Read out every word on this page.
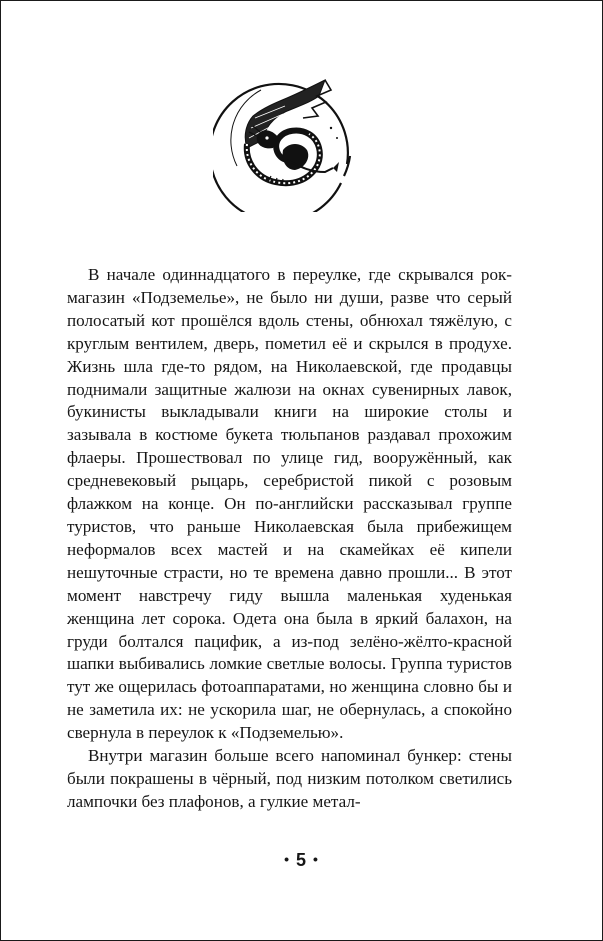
В начале одиннадцатого в переулке, где скрывался рок-магазин «Подземелье», не было ни души, разве что серый полосатый кот прошёлся вдоль стены, обнюхал тяжёлую, с круглым вентилем, дверь, пометил её и скрылся в продухе. Жизнь шла где-то рядом, на Николаевской, где продавцы поднимали защитные жалюзи на окнах сувенирных лавок, букинисты выкладывали книги на широкие столы и зазывала в костюме букета тюльпанов раздавал прохожим флаеры. Прошествовал по улице гид, вооружённый, как средневековый рыцарь, серебристой пикой с розовым флажком на конце. Он по-английски рассказывал группе туристов, что раньше Николаевская была прибежищем неформалов всех мастей и на скамейках её кипели нешуточные страсти, но те времена давно прошли... В этот момент навстречу гиду вышла маленькая худенькая женщина лет сорока. Одета она была в яркий балахон, на груди болтался пацифик, а из-под зелёно-жёлто-красной шапки выбивались ломкие светлые волосы. Группа туристов тут же ощерилась фотоаппаратами, но женщина словно бы и не заметила их: не ускорила шаг, не обернулась, а спокойно свернула в переулок к «Подземелью».

Внутри магазин больше всего напоминал бункер: стены были покрашены в чёрный, под низким потолком светились лампочки без плафонов, а гулкие метал-

• 5 •
